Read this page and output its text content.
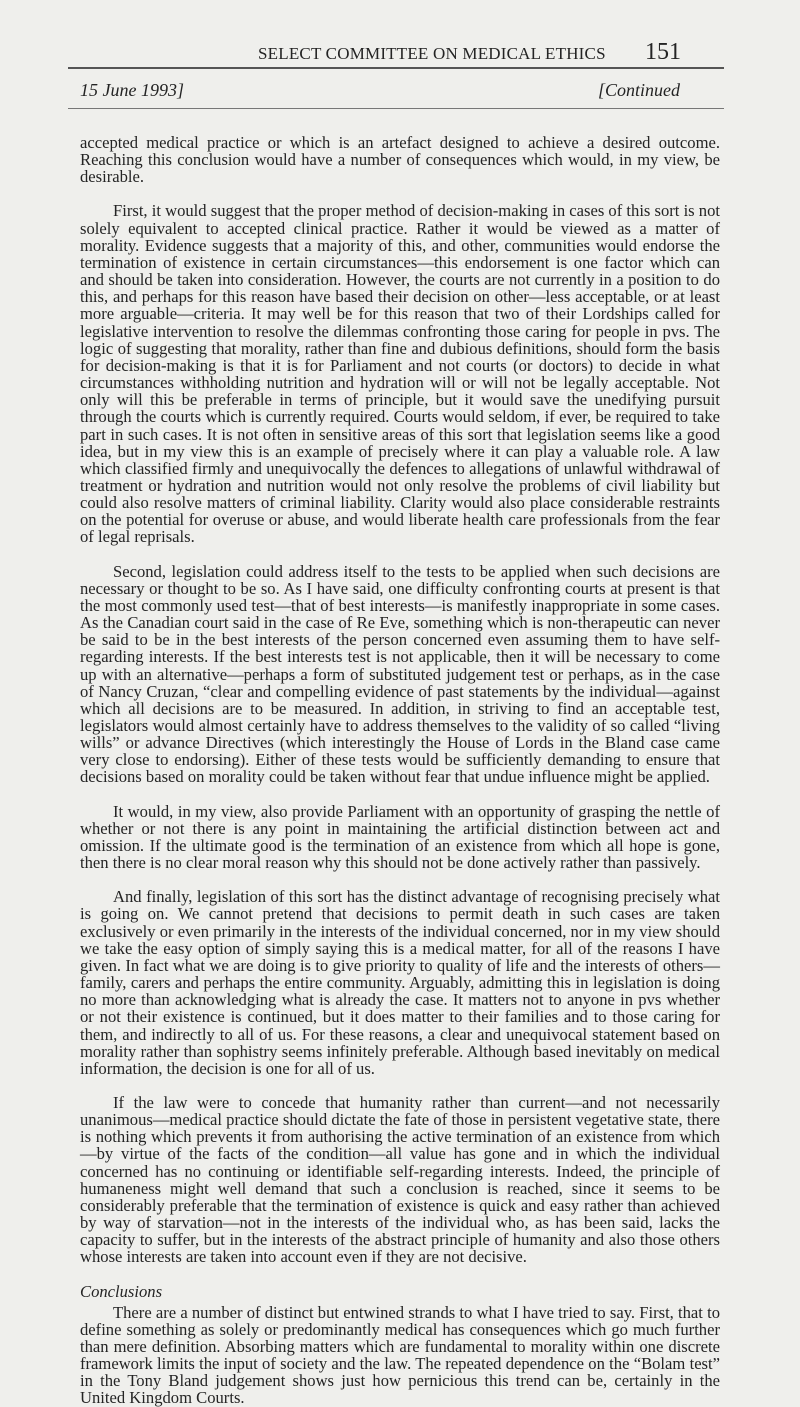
SELECT COMMITTEE ON MEDICAL ETHICS 151
15 June 1993]	[Continued

accepted medical practice or which is an artefact designed to achieve a desired outcome. Reaching this conclusion would have a number of consequences which would, in my view, be desirable.

First, it would suggest that the proper method of decision-making in cases of this sort is not solely equivalent to accepted clinical practice. Rather it would be viewed as a matter of morality. Evidence suggests that a majority of this, and other, communities would endorse the termination of existence in certain circumstances—this endorsement is one factor which can and should be taken into consideration. However, the courts are not currently in a position to do this, and perhaps for this reason have based their decision on other—less acceptable, or at least more arguable—criteria. It may well be for this reason that two of their Lordships called for legislative intervention to resolve the dilemmas confronting those caring for people in pvs. The logic of suggesting that morality, rather than fine and dubious definitions, should form the basis for decision-making is that it is for Parliament and not courts (or doctors) to decide in what circumstances withholding nutrition and hydration will or will not be legally acceptable. Not only will this be preferable in terms of principle, but it would save the unedifying pursuit through the courts which is currently required. Courts would seldom, if ever, be required to take part in such cases. It is not often in sensitive areas of this sort that legislation seems like a good idea, but in my view this is an example of precisely where it can play a valuable role. A law which classified firmly and unequivocally the defences to allegations of unlawful withdrawal of treatment or hydration and nutrition would not only resolve the problems of civil liability but could also resolve matters of criminal liability. Clarity would also place considerable restraints on the potential for overuse or abuse, and would liberate health care professionals from the fear of legal reprisals.

Second, legislation could address itself to the tests to be applied when such decisions are necessary or thought to be so. As I have said, one difficulty confronting courts at present is that the most commonly used test—that of best interests—is manifestly inappropriate in some cases. As the Canadian court said in the case of Re Eve, something which is non-therapeutic can never be said to be in the best interests of the person concerned even assuming them to have self-regarding interests. If the best interests test is not applicable, then it will be necessary to come up with an alternative—perhaps a form of substituted judgement test or perhaps, as in the case of Nancy Cruzan, “clear and compelling evidence of past statements by the individual—against which all decisions are to be measured. In addition, in striving to find an acceptable test, legislators would almost certainly have to address themselves to the validity of so called “living wills” or advance Directives (which interestingly the House of Lords in the Bland case came very close to endorsing). Either of these tests would be sufficiently demanding to ensure that decisions based on morality could be taken without fear that undue influence might be applied.

It would, in my view, also provide Parliament with an opportunity of grasping the nettle of whether or not there is any point in maintaining the artificial distinction between act and omission. If the ultimate good is the termination of an existence from which all hope is gone, then there is no clear moral reason why this should not be done actively rather than passively.

And finally, legislation of this sort has the distinct advantage of recognising precisely what is going on. We cannot pretend that decisions to permit death in such cases are taken exclusively or even primarily in the interests of the individual concerned, nor in my view should we take the easy option of simply saying this is a medical matter, for all of the reasons I have given. In fact what we are doing is to give priority to quality of life and the interests of others—family, carers and perhaps the entire community. Arguably, admitting this in legislation is doing no more than acknowledging what is already the case. It matters not to anyone in pvs whether or not their existence is continued, but it does matter to their families and to those caring for them, and indirectly to all of us. For these reasons, a clear and unequivocal statement based on morality rather than sophistry seems infinitely preferable. Although based inevitably on medical information, the decision is one for all of us.

If the law were to concede that humanity rather than current—and not necessarily unanimous—medical practice should dictate the fate of those in persistent vegetative state, there is nothing which prevents it from authorising the active termination of an existence from which—by virtue of the facts of the condition—all value has gone and in which the individual concerned has no continuing or identifiable self-regarding interests. Indeed, the principle of humaneness might well demand that such a conclusion is reached, since it seems to be considerably preferable that the termination of existence is quick and easy rather than achieved by way of starvation—not in the interests of the individual who, as has been said, lacks the capacity to suffer, but in the interests of the abstract principle of humanity and also those others whose interests are taken into account even if they are not decisive.

Conclusions

There are a number of distinct but entwined strands to what I have tried to say. First, that to define something as solely or predominantly medical has consequences which go much further than mere definition. Absorbing matters which are fundamental to morality within one discrete framework limits the input of society and the law. The repeated dependence on the “Bolam test” in the Tony Bland judgement shows just how pernicious this trend can be, certainly in the United Kingdom Courts.
